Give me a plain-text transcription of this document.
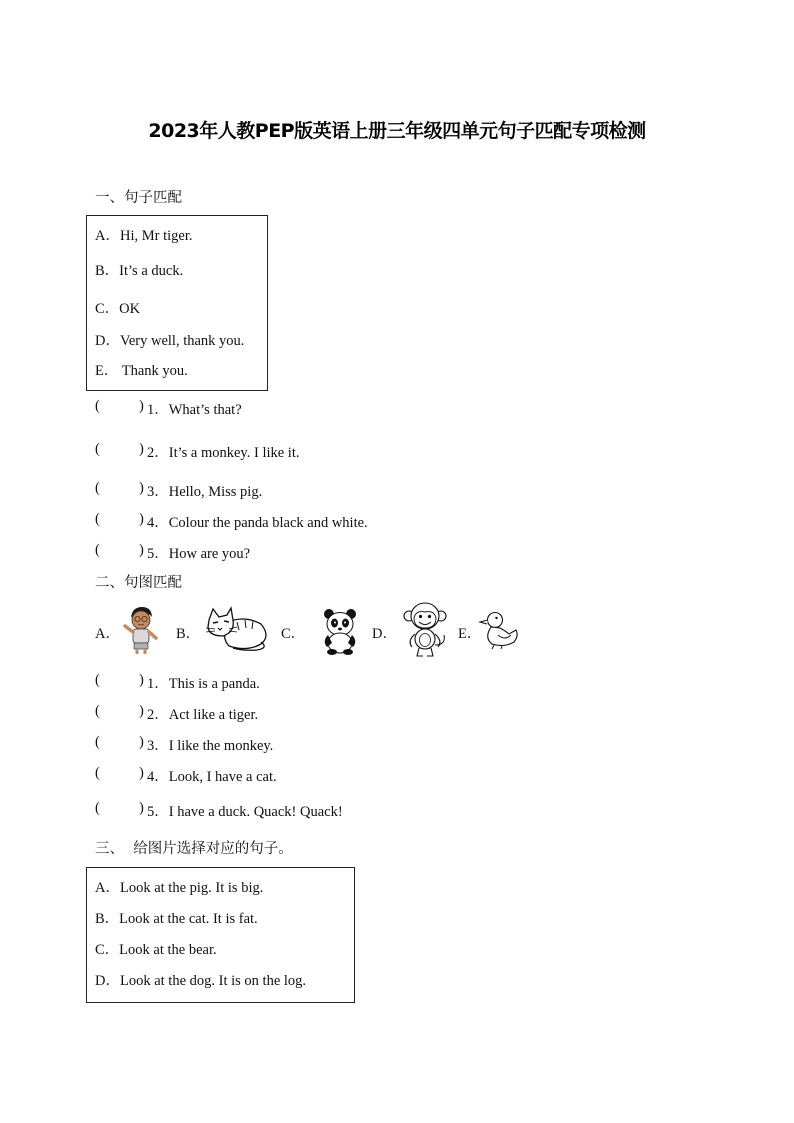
2023年人教PEP版英语上册三年级四单元句子匹配专项检测
一、句子匹配
A．Hi, Mr tiger.
B．It’s a duck.
C．OK
D．Very well, thank you.
E． Thank you.
(	) 1．What’s that?
(	) 2．It’s a monkey. I like it.
(	) 3．Hello, Miss pig.
(	) 4．Colour the panda black and white.
(	) 5．How are you?
二、句图匹配
A．	B．	C．	D．	E．
(	) 1．This is a panda.
(	) 2．Act like a tiger.
(	) 3．I like the monkey.
(	) 4．Look, I have a cat.
(	) 5．I have a duck. Quack! Quack!
三、  给图片选择对应的句子。
A．Look at the pig. It is big.
B．Look at the cat. It is fat.
C．Look at the bear.
D．Look at the dog. It is on the log.
